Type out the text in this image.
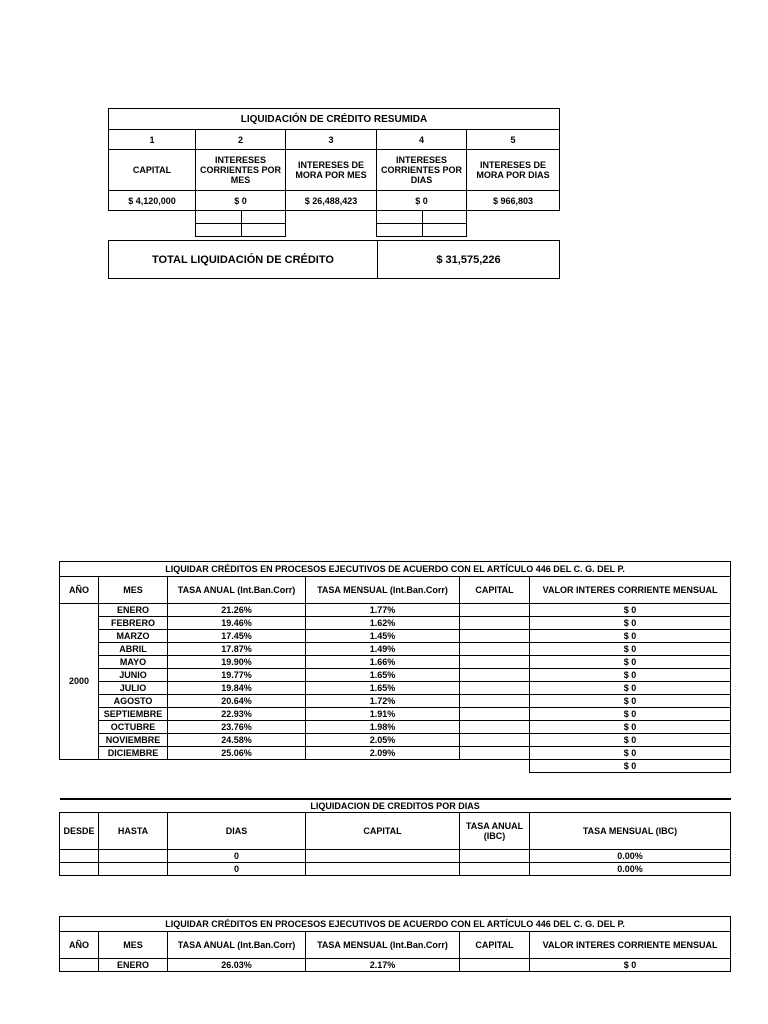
LIQUIDACIÓN DE CRÉDITO RESUMIDA						
1	2		3	4		5
CAPITAL	INTERESES CORRIENTES POR MES		INTERESES DE MORA POR MES	INTERESES CORRIENTES POR DIAS		INTERESES DE MORA POR DIAS
$ 4,120,000	$ 0		$ 26,488,423	$ 0		$ 966,803

TOTAL LIQUIDACIÓN DE CRÉDITO	$ 31,575,226
LIQUIDAR CRÉDITOS EN PROCESOS EJECUTIVOS DE ACUERDO CON EL ARTÍCULO 446 DEL C. G. DEL P.					
AÑO	MES	TASA ANUAL (Int.Ban.Corr)	TASA MENSUAL (Int.Ban.Corr)	CAPITAL	VALOR INTERES CORRIENTE MENSUAL
2000	ENERO	21.26%	1.77%		$ 0
	FEBRERO	19.46%	1.62%		$ 0
	MARZO	17.45%	1.45%		$ 0
	ABRIL	17.87%	1.49%		$ 0
	MAYO	19.90%	1.66%		$ 0
	JUNIO	19.77%	1.65%		$ 0
	JULIO	19.84%	1.65%		$ 0
	AGOSTO	20.64%	1.72%		$ 0
	SEPTIEMBRE	22.93%	1.91%		$ 0
	OCTUBRE	23.76%	1.98%		$ 0
	NOVIEMBRE	24.58%	2.05%		$ 0
	DICIEMBRE	25.06%	2.09%		$ 0
					$ 0
LIQUIDACION DE CREDITOS POR DIAS					
DESDE	HASTA	DIAS	CAPITAL	TASA ANUAL (IBC)	TASA MENSUAL (IBC)
		0			0.00%
		0			0.00%
LIQUIDAR CRÉDITOS EN PROCESOS EJECUTIVOS DE ACUERDO CON EL ARTÍCULO 446 DEL C. G. DEL P.					
AÑO	MES	TASA ANUAL (Int.Ban.Corr)	TASA MENSUAL (Int.Ban.Corr)	CAPITAL	VALOR INTERES CORRIENTE MENSUAL
	ENERO	26.03%	2.17%		$ 0
